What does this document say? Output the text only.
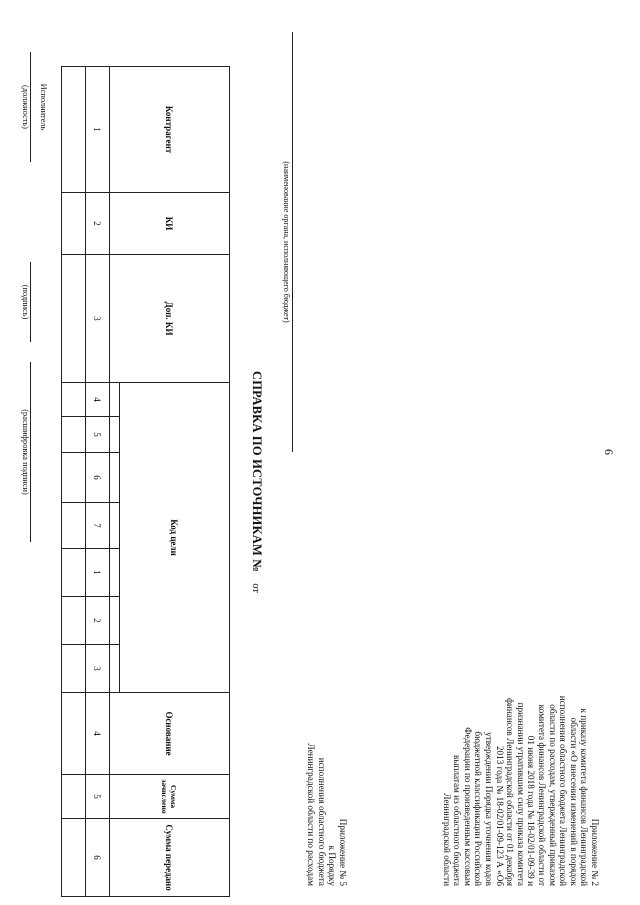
6
Приложение № 2
к приказу комитета финансов Ленинградской
области «О внесении изменений в порядок
исполнения областного бюджета Ленинградской
области по расходам, утвержденный приказом
комитета финансов Ленинградской области от
01 июня 2018 года № 18-02/01-09-39 и
признании утратившим силу приказа комитета
финансов Ленинградской области от 01 декабря
2013 года № 18-02/01-09-123 А «Об
утверждении Порядка уточнения кодов
бюджетной классификации Российской
Федерации по произведенным кассовым
выплатам из областного бюджета
Ленинградской области
Приложение № 5
к Порядку
исполнения областного бюджета
Ленинградской области по расходам
(наименование органа, исполняющего бюджет)
СПРАВКА ПО ИСТОЧНИКАМ № от
Контрагент	КИ	Доп. КИ	Код цели							Основание	Сумма зачислено	Сумма передано

1	2	3	4	5	6	7	1	2	3	4	5	6

Исполнитель
(должность)

(подпись)

(расшифровка подписи)
